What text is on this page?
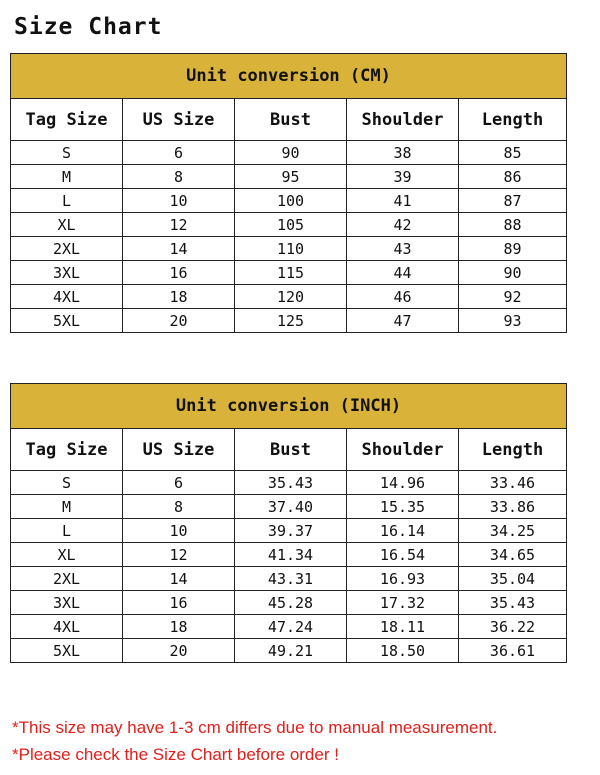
Size Chart
Unit conversion (CM)				
Tag Size	US Size	Bust	Shoulder	Length
S	6	90	38	85
M	8	95	39	86
L	10	100	41	87
XL	12	105	42	88
2XL	14	110	43	89
3XL	16	115	44	90
4XL	18	120	46	92
5XL	20	125	47	93
Unit conversion (INCH)				
Tag Size	US Size	Bust	Shoulder	Length
S	6	35.43	14.96	33.46
M	8	37.40	15.35	33.86
L	10	39.37	16.14	34.25
XL	12	41.34	16.54	34.65
2XL	14	43.31	16.93	35.04
3XL	16	45.28	17.32	35.43
4XL	18	47.24	18.11	36.22
5XL	20	49.21	18.50	36.61
*This size may have 1-3 cm differs due to manual measurement.
*Please check the Size Chart before order !
